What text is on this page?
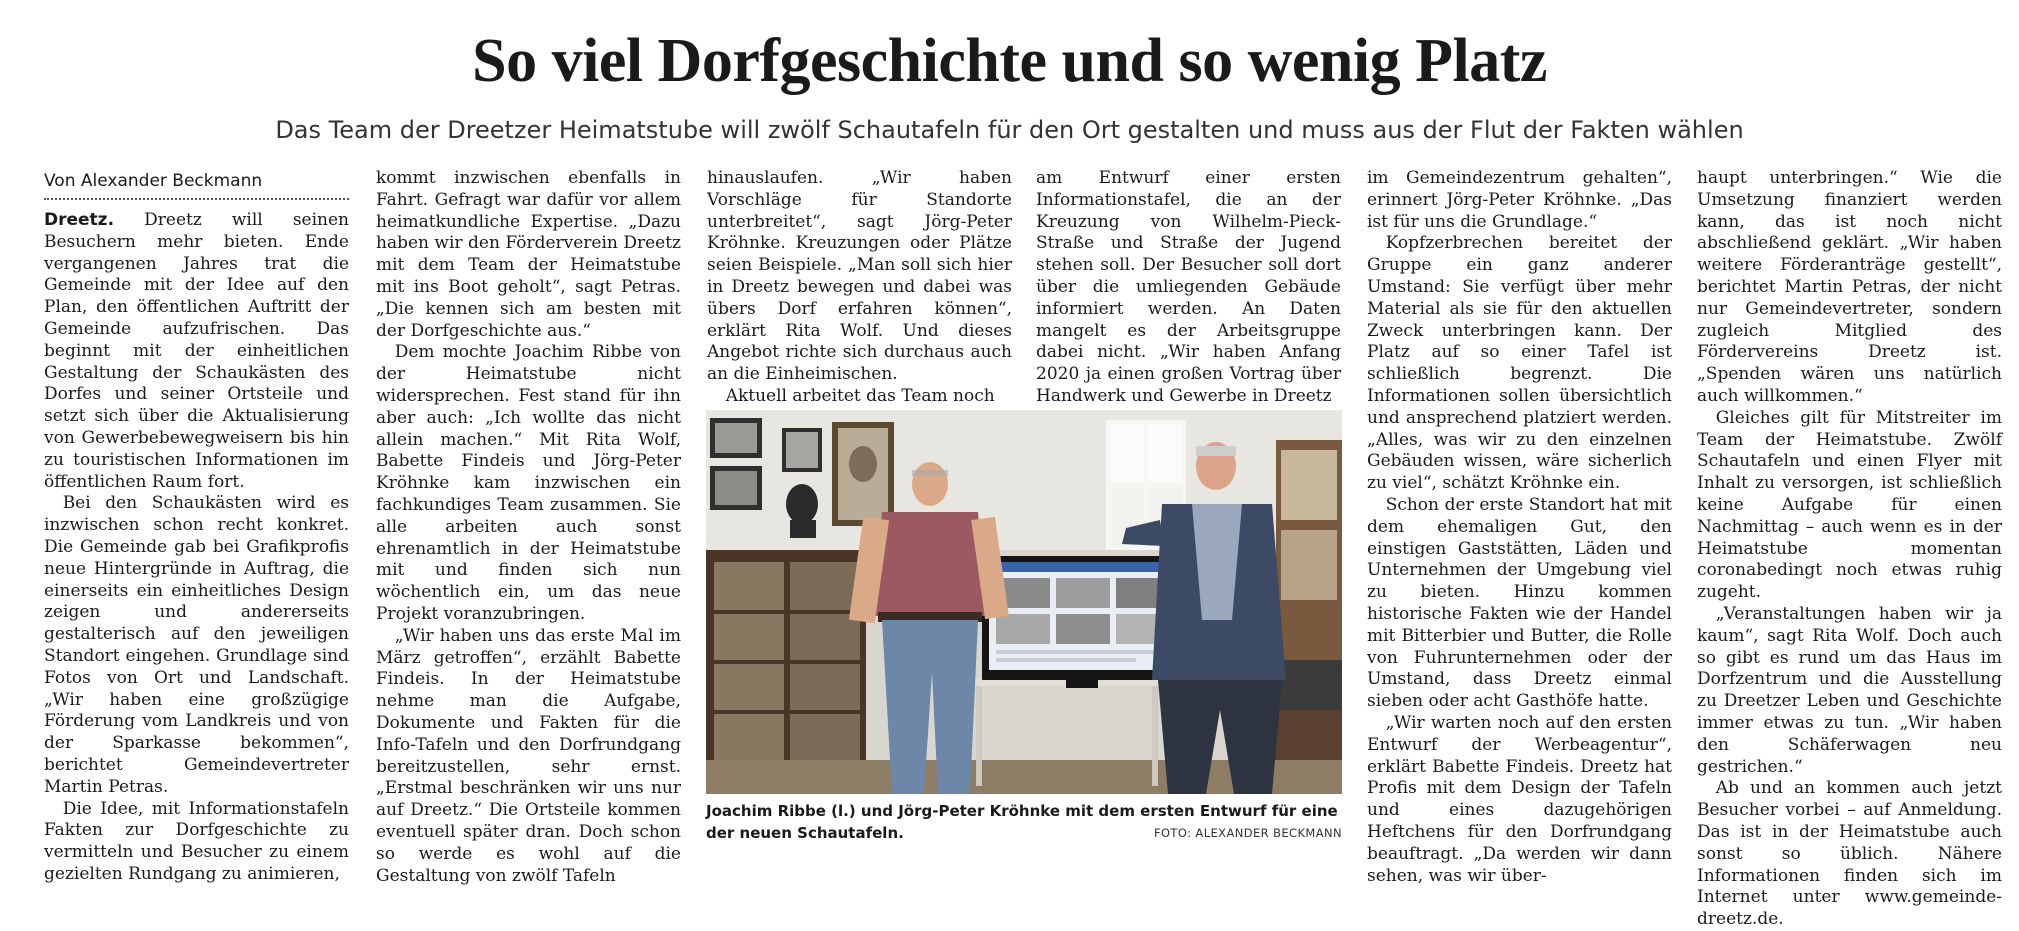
So viel Dorfgeschichte und so wenig Platz
Das Team der Dreetzer Heimatstube will zwölf Schautafeln für den Ort gestalten und muss aus der Flut der Fakten wählen
Von Alexander Beckmann

Dreetz. Dreetz will seinen Besuchern mehr bieten. Ende vergangenen Jahres trat die Gemeinde mit der Idee auf den Plan, den öffentlichen Auftritt der Gemeinde aufzufrischen. Das beginnt mit der einheitlichen Gestaltung der Schaukästen des Dorfes und seiner Ortsteile und setzt sich über die Aktualisierung von Gewerbebewegweisern bis hin zu touristischen Informationen im öffentlichen Raum fort.

Bei den Schaukästen wird es inzwischen schon recht konkret. Die Gemeinde gab bei Grafikprofis neue Hintergründe in Auftrag, die einerseits ein einheitliches Design zeigen und andererseits gestalterisch auf den jeweiligen Standort eingehen. Grundlage sind Fotos von Ort und Landschaft. „Wir haben eine großzügige Förderung vom Landkreis und von der Sparkasse bekommen“, berichtet Gemeindevertreter Martin Petras.

Die Idee, mit Informationstafeln Fakten zur Dorfgeschichte zu vermitteln und Besucher zu einem gezielten Rundgang zu animieren,

kommt inzwischen ebenfalls in Fahrt. Gefragt war dafür vor allem heimatkundliche Expertise. „Dazu haben wir den Förderverein Dreetz mit dem Team der Heimatstube mit ins Boot geholt“, sagt Petras. „Die kennen sich am besten mit der Dorfgeschichte aus.“

Dem mochte Joachim Ribbe von der Heimatstube nicht widersprechen. Fest stand für ihn aber auch: „Ich wollte das nicht allein machen.“ Mit Rita Wolf, Babette Findeis und Jörg-Peter Kröhnke kam inzwischen ein fachkundiges Team zusammen. Sie alle arbeiten auch sonst ehrenamtlich in der Heimatstube mit und finden sich nun wöchentlich ein, um das neue Projekt voranzubringen.

„Wir haben uns das erste Mal im März getroffen“, erzählt Babette Findeis. In der Heimatstube nehme man die Aufgabe, Dokumente und Fakten für die Info-Tafeln und den Dorfrundgang bereitzustellen, sehr ernst. „Erstmal beschränken wir uns nur auf Dreetz.“ Die Ortsteile kommen eventuell später dran. Doch schon so werde es wohl auf die Gestaltung von zwölf Tafeln

hinauslaufen. „Wir haben Vorschläge für Standorte unterbreitet“, sagt Jörg-Peter Kröhnke. Kreuzungen oder Plätze seien Beispiele. „Man soll sich hier in Dreetz bewegen und dabei was übers Dorf erfahren können“, erklärt Rita Wolf. Und dieses Angebot richte sich durchaus auch an die Einheimischen.

Aktuell arbeitet das Team noch

am Entwurf einer ersten Informationstafel, die an der Kreuzung von Wilhelm-Pieck-Straße und Straße der Jugend stehen soll. Der Besucher soll dort über die umliegenden Gebäude informiert werden. An Daten mangelt es der Arbeitsgruppe dabei nicht. „Wir haben Anfang 2020 ja einen großen Vortrag über Handwerk und Gewerbe in Dreetz

im Gemeindezentrum gehalten“, erinnert Jörg-Peter Kröhnke. „Das ist für uns die Grundlage.“

Kopfzerbrechen bereitet der Gruppe ein ganz anderer Umstand: Sie verfügt über mehr Material als sie für den aktuellen Zweck unterbringen kann. Der Platz auf so einer Tafel ist schließlich begrenzt. Die Informationen sollen übersichtlich und ansprechend platziert werden. „Alles, was wir zu den einzelnen Gebäuden wissen, wäre sicherlich zu viel“, schätzt Kröhnke ein.

Schon der erste Standort hat mit dem ehemaligen Gut, den einstigen Gaststätten, Läden und Unternehmen der Umgebung viel zu bieten. Hinzu kommen historische Fakten wie der Handel mit Bitterbier und Butter, die Rolle von Fuhrunternehmen oder der Umstand, dass Dreetz einmal sieben oder acht Gasthöfe hatte.

„Wir warten noch auf den ersten Entwurf der Werbeagentur“, erklärt Babette Findeis. Dreetz hat Profis mit dem Design der Tafeln und eines dazugehörigen Heftchens für den Dorfrundgang beauftragt. „Da werden wir dann sehen, was wir über-

haupt unterbringen.“ Wie die Umsetzung finanziert werden kann, das ist noch nicht abschließend geklärt. „Wir haben weitere Förderanträge gestellt“, berichtet Martin Petras, der nicht nur Gemeindevertreter, sondern zugleich Mitglied des Fördervereins Dreetz ist. „Spenden wären uns natürlich auch willkommen.“

Gleiches gilt für Mitstreiter im Team der Heimatstube. Zwölf Schautafeln und einen Flyer mit Inhalt zu versorgen, ist schließlich keine Aufgabe für einen Nachmittag – auch wenn es in der Heimatstube momentan coronabedingt noch etwas ruhig zugeht.

„Veranstaltungen haben wir ja kaum“, sagt Rita Wolf. Doch auch so gibt es rund um das Haus im Dorfzentrum und die Ausstellung zu Dreetzer Leben und Geschichte immer etwas zu tun. „Wir haben den Schäferwagen neu gestrichen.“

Ab und an kommen auch jetzt Besucher vorbei – auf Anmeldung. Das ist in der Heimatstube auch sonst so üblich. Nähere Informationen finden sich im Internet unter www.gemeinde-dreetz.de.

Joachim Ribbe (l.) und Jörg-Peter Kröhnke mit dem ersten Entwurf für eine der neuen Schautafeln.	FOTO: ALEXANDER BECKMANN
